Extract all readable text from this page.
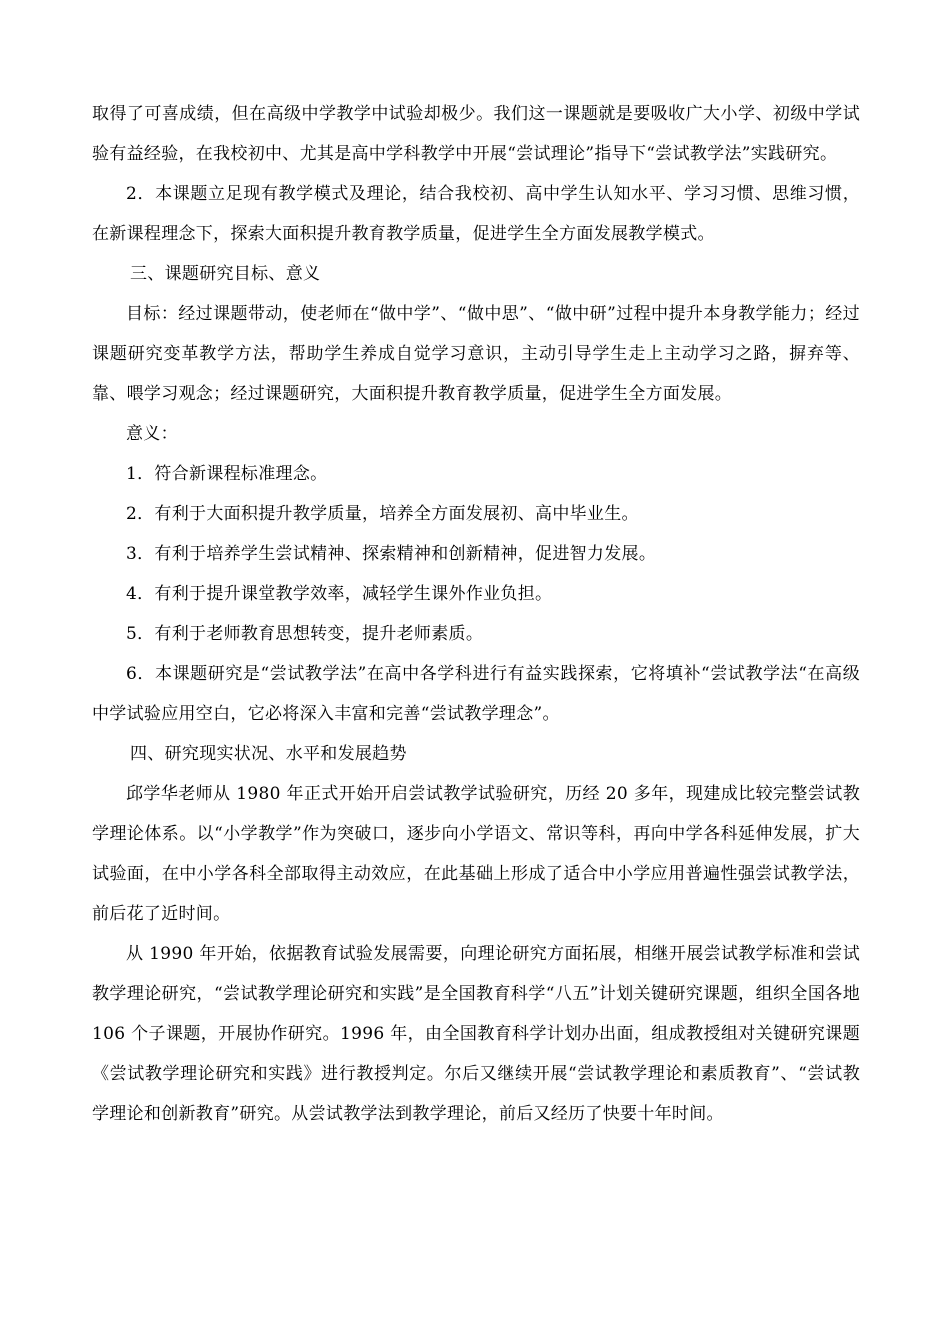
取得了可喜成绩，但在高级中学教学中试验却极少。我们这一课题就是要吸收广大小学、初级中学试验有益经验，在我校初中、尤其是高中学科教学中开展“尝试理论”指导下“尝试教学法”实践研究。

2．本课题立足现有教学模式及理论，结合我校初、高中学生认知水平、学习习惯、思维习惯，在新课程理念下，探索大面积提升教育教学质量，促进学生全方面发展教学模式。

三、课题研究目标、意义

目标：经过课题带动，使老师在“做中学”、“做中思”、“做中研”过程中提升本身教学能力；经过课题研究变革教学方法，帮助学生养成自觉学习意识，主动引导学生走上主动学习之路，摒弃等、靠、喂学习观念；经过课题研究，大面积提升教育教学质量，促进学生全方面发展。

意义：

1．符合新课程标准理念。

2．有利于大面积提升教学质量，培养全方面发展初、高中毕业生。

3．有利于培养学生尝试精神、探索精神和创新精神，促进智力发展。

4．有利于提升课堂教学效率，减轻学生课外作业负担。

5．有利于老师教育思想转变，提升老师素质。

6．本课题研究是“尝试教学法”在高中各学科进行有益实践探索，它将填补“尝试教学法“在高级中学试验应用空白，它必将深入丰富和完善“尝试教学理念”。

四、研究现实状况、水平和发展趋势

邱学华老师从 1980 年正式开始开启尝试教学试验研究，历经 20 多年，现建成比较完整尝试教学理论体系。以“小学教学”作为突破口，逐步向小学语文、常识等科，再向中学各科延伸发展，扩大试验面，在中小学各科全部取得主动效应，在此基础上形成了适合中小学应用普遍性强尝试教学法，前后花了近时间。

从 1990 年开始，依据教育试验发展需要，向理论研究方面拓展，相继开展尝试教学标准和尝试教学理论研究，“尝试教学理论研究和实践”是全国教育科学“八五”计划关键研究课题，组织全国各地 106 个子课题，开展协作研究。1996 年，由全国教育科学计划办出面，组成教授组对关键研究课题《尝试教学理论研究和实践》进行教授判定。尔后又继续开展“尝试教学理论和素质教育”、“尝试教学理论和创新教育”研究。从尝试教学法到教学理论，前后又经历了快要十年时间。
